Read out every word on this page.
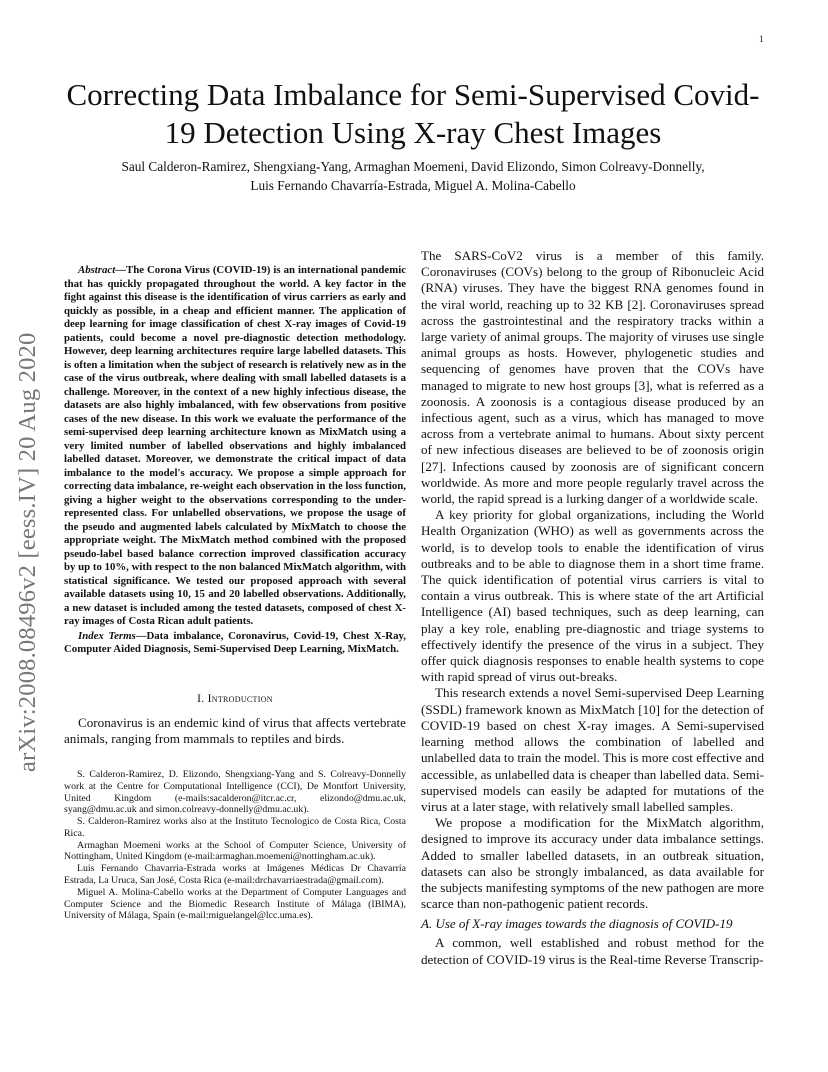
1
arXiv:2008.08496v2 [eess.IV] 20 Aug 2020
Correcting Data Imbalance for Semi-Supervised Covid-19 Detection Using X-ray Chest Images
Saul Calderon-Ramirez, Shengxiang-Yang, Armaghan Moemeni, David Elizondo, Simon Colreavy-Donnelly,
Luis Fernando Chavarría-Estrada, Miguel A. Molina-Cabello

Abstract—The Corona Virus (COVID-19) is an international pandemic that has quickly propagated throughout the world. A key factor in the fight against this disease is the identification of virus carriers as early and quickly as possible, in a cheap and efficient manner. The application of deep learning for image classification of chest X-ray images of Covid-19 patients, could become a novel pre-diagnostic detection methodology. However, deep learning architectures require large labelled datasets. This is often a limitation when the subject of research is relatively new as in the case of the virus outbreak, where dealing with small labelled datasets is a challenge. Moreover, in the context of a new highly infectious disease, the datasets are also highly imbalanced, with few observations from positive cases of the new disease. In this work we evaluate the performance of the semi-supervised deep learning architecture known as MixMatch using a very limited number of labelled observations and highly imbalanced labelled dataset. Moreover, we demonstrate the critical impact of data imbalance to the model's accuracy. We propose a simple approach for correcting data imbalance, re-weight each observation in the loss function, giving a higher weight to the observations corresponding to the under-represented class. For unlabelled observations, we propose the usage of the pseudo and augmented labels calculated by MixMatch to choose the appropriate weight. The MixMatch method combined with the proposed pseudo-label based balance correction improved classification accuracy by up to 10%, with respect to the non balanced MixMatch algorithm, with statistical significance. We tested our proposed approach with several available datasets using 10, 15 and 20 labelled observations. Additionally, a new dataset is included among the tested datasets, composed of chest X-ray images of Costa Rican adult patients.

Index Terms—Data imbalance, Coronavirus, Covid-19, Chest X-Ray, Computer Aided Diagnosis, Semi-Supervised Deep Learning, MixMatch.

I. Introduction

Coronavirus is an endemic kind of virus that affects vertebrate animals, ranging from mammals to reptiles and birds.

S. Calderon-Ramirez, D. Elizondo, Shengxiang-Yang and S. Colreavy-Donnelly work at the Centre for Computational Intelligence (CCI), De Montfort University, United Kingdom (e-mails:sacalderon@itcr.ac.cr, elizondo@dmu.ac.uk, syang@dmu.ac.uk and simon.colreavy-donnelly@dmu.ac.uk).

S. Calderon-Ramirez works also at the Instituto Tecnologico de Costa Rica, Costa Rica.

Armaghan Moemeni works at the School of Computer Science, University of Nottingham, United Kingdom (e-mail:armaghan.moemeni@nottingham.ac.uk).

Luis Fernando Chavarria-Estrada works at Imágenes Médicas Dr Chavarría Estrada, La Uruca, San José, Costa Rica (e-mail:drchavarriaestrada@gmail.com).

Miguel A. Molina-Cabello works at the Department of Computer Languages and Computer Science and the Biomedic Research Institute of Málaga (IBIMA), University of Málaga, Spain (e-mail:miguelangel@lcc.uma.es).

The SARS-CoV2 virus is a member of this family. Coronaviruses (COVs) belong to the group of Ribonucleic Acid (RNA) viruses. They have the biggest RNA genomes found in the viral world, reaching up to 32 KB [2]. Coronaviruses spread across the gastrointestinal and the respiratory tracks within a large variety of animal groups. The majority of viruses use single animal groups as hosts. However, phylogenetic studies and sequencing of genomes have proven that the COVs have managed to migrate to new host groups [3], what is referred as a zoonosis. A zoonosis is a contagious disease produced by an infectious agent, such as a virus, which has managed to move across from a vertebrate animal to humans. About sixty percent of new infectious diseases are believed to be of zoonosis origin [27]. Infections caused by zoonosis are of significant concern worldwide. As more and more people regularly travel across the world, the rapid spread is a lurking danger of a worldwide scale.

A key priority for global organizations, including the World Health Organization (WHO) as well as governments across the world, is to develop tools to enable the identification of virus outbreaks and to be able to diagnose them in a short time frame. The quick identification of potential virus carriers is vital to contain a virus outbreak. This is where state of the art Artificial Intelligence (AI) based techniques, such as deep learning, can play a key role, enabling pre-diagnostic and triage systems to effectively identify the presence of the virus in a subject. They offer quick diagnosis responses to enable health systems to cope with rapid spread of virus out-breaks.

This research extends a novel Semi-supervised Deep Learning (SSDL) framework known as MixMatch [10] for the detection of COVID-19 based on chest X-ray images. A Semi-supervised learning method allows the combination of labelled and unlabelled data to train the model. This is more cost effective and accessible, as unlabelled data is cheaper than labelled data. Semi-supervised models can easily be adapted for mutations of the virus at a later stage, with relatively small labelled samples.

We propose a modification for the MixMatch algorithm, designed to improve its accuracy under data imbalance settings. Added to smaller labelled datasets, in an outbreak situation, datasets can also be strongly imbalanced, as data available for the subjects manifesting symptoms of the new pathogen are more scarce than non-pathogenic patient records.

A. Use of X-ray images towards the diagnosis of COVID-19

A common, well established and robust method for the detection of COVID-19 virus is the Real-time Reverse Transcrip-
